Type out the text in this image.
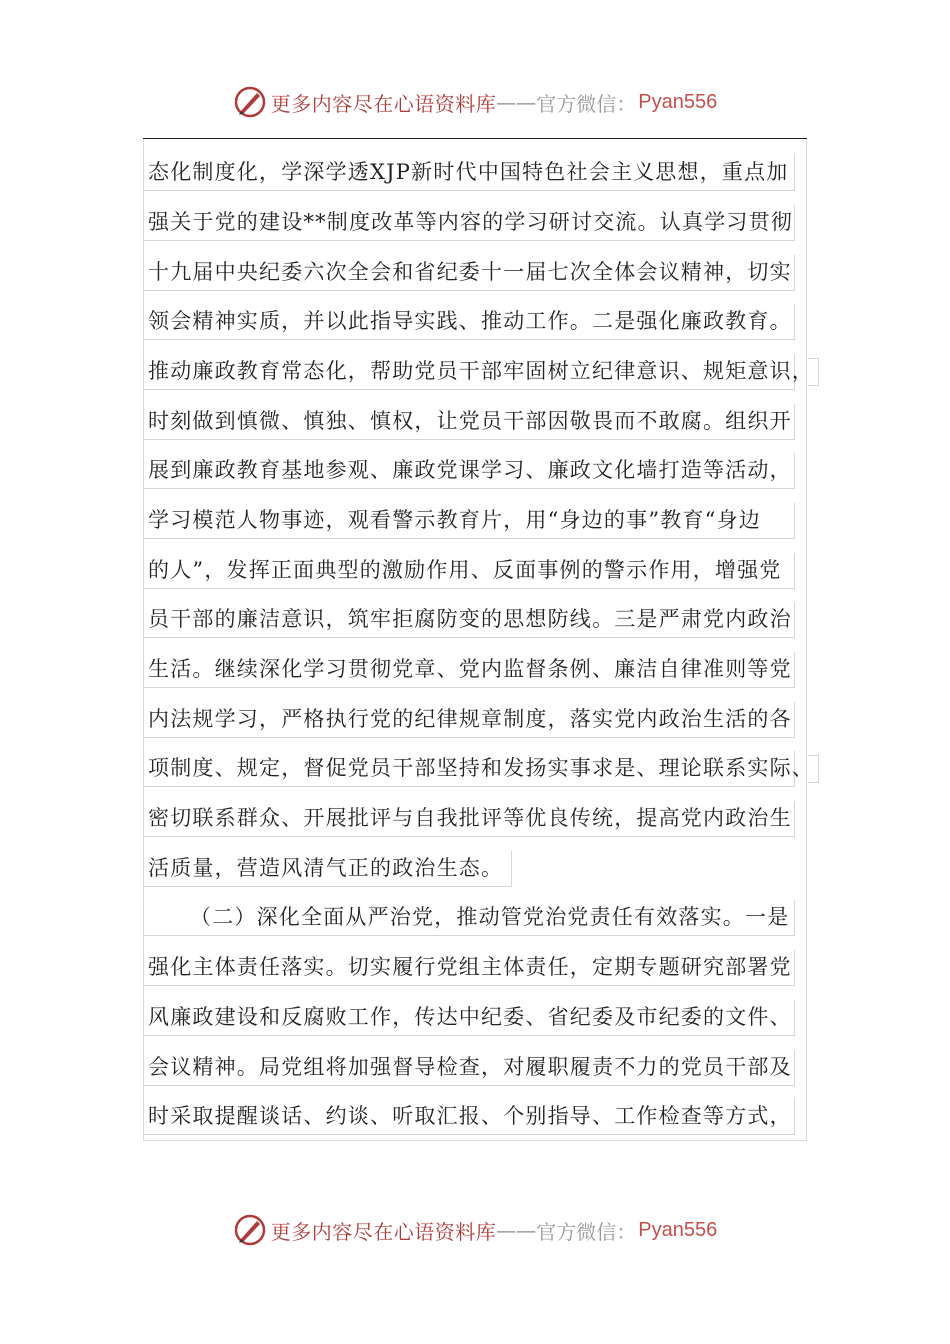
更多内容尽在心语资料库 —— 官方微信： Pyan556
态化制度化，学深学透XJP新时代中国特色社会主义思想，重点加
强关于党的建设**制度改革等内容的学习研讨交流。认真学习贯彻
十九届中央纪委六次全会和省纪委十一届七次全体会议精神，切实
领会精神实质，并以此指导实践、推动工作。二是强化廉政教育。
推动廉政教育常态化，帮助党员干部牢固树立纪律意识、规矩意识，
时刻做到慎微、慎独、慎权，让党员干部因敬畏而不敢腐。组织开
展到廉政教育基地参观、廉政党课学习、廉政文化墙打造等活动，
学习模范人物事迹，观看警示教育片，用“身边的事”教育“身边
的人”，发挥正面典型的激励作用、反面事例的警示作用，增强党
员干部的廉洁意识，筑牢拒腐防变的思想防线。三是严肃党内政治
生活。继续深化学习贯彻党章、党内监督条例、廉洁自律准则等党
内法规学习，严格执行党的纪律规章制度，落实党内政治生活的各
项制度、规定，督促党员干部坚持和发扬实事求是、理论联系实际、
密切联系群众、开展批评与自我批评等优良传统，提高党内政治生
活质量，营造风清气正的政治生态。
（二）深化全面从严治党，推动管党治党责任有效落实。一是
强化主体责任落实。切实履行党组主体责任，定期专题研究部署党
风廉政建设和反腐败工作，传达中纪委、省纪委及市纪委的文件、
会议精神。局党组将加强督导检查，对履职履责不力的党员干部及
时采取提醒谈话、约谈、听取汇报、个别指导、工作检查等方式，
更多内容尽在心语资料库 —— 官方微信： Pyan556
